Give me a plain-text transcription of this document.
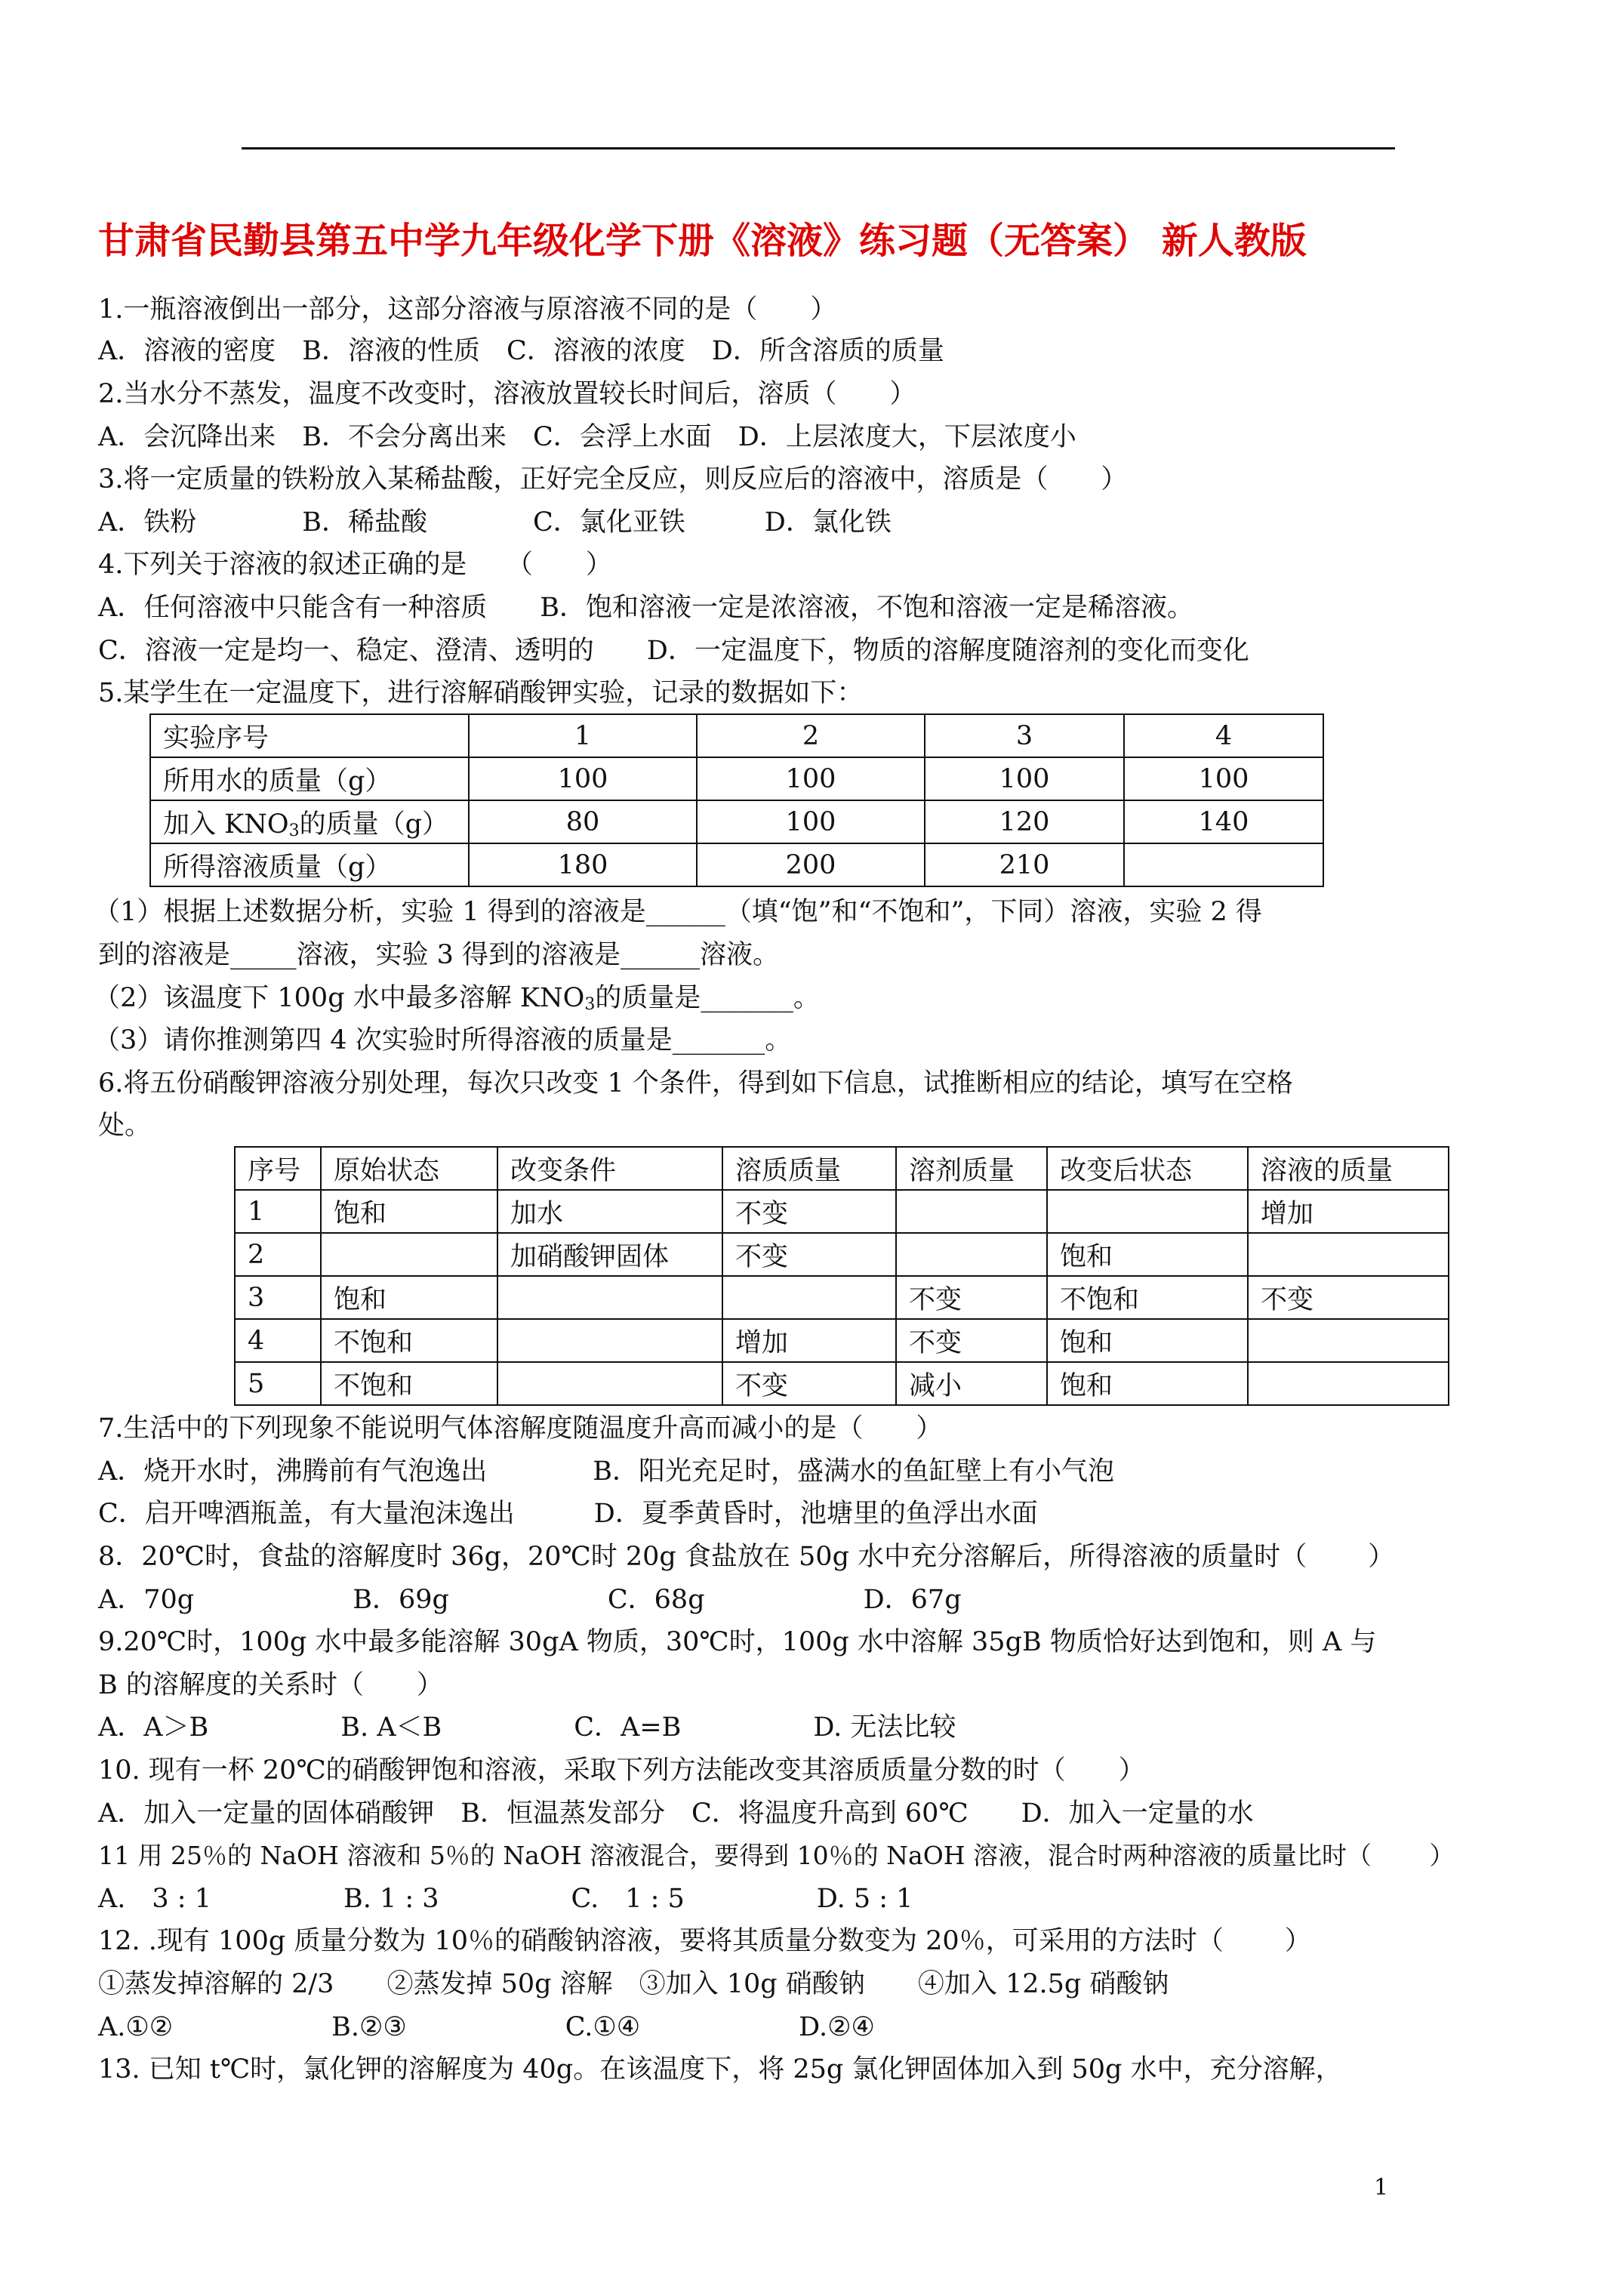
甘肃省民勤县第五中学九年级化学下册《溶液》练习题（无答案） 新人教版
1.一瓶溶液倒出一部分，这部分溶液与原溶液不同的是（　　）
A．溶液的密度　B．溶液的性质　C．溶液的浓度　D．所含溶质的质量
2.当水分不蒸发，温度不改变时，溶液放置较长时间后，溶质（　　）
A．会沉降出来　B．不会分离出来　C．会浮上水面　D．上层浓度大，下层浓度小
3.将一定质量的铁粉放入某稀盐酸，正好完全反应，则反应后的溶液中，溶质是（　　）
A．铁粉　　　　B．稀盐酸　　　　C．氯化亚铁　　　D．氯化铁
4.下列关于溶液的叙述正确的是　　（　　）
A．任何溶液中只能含有一种溶质　　B．饱和溶液一定是浓溶液，不饱和溶液一定是稀溶液。
C．溶液一定是均一、稳定、澄清、透明的　　D．一定温度下，物质的溶解度随溶剂的变化而变化
5.某学生在一定温度下，进行溶解硝酸钾实验，记录的数据如下：
实验序号	1	2	3	4
所用水的质量（g）	100	100	100	100
加入 $KNO_3$的质量（g）	80	100	120	140
所得溶液质量（g）	180	200	210	
（1）根据上述数据分析，实验 1 得到的溶液是______（填“饱”和“不饱和”，下同）溶液，实验 2 得
到的溶液是_____溶液，实验 3 得到的溶液是______溶液。
（2）该温度下 100g 水中最多溶解 $KNO_3$的质量是_______。
（3）请你推测第四 4 次实验时所得溶液的质量是_______。
6.将五份硝酸钾溶液分别处理，每次只改变 1 个条件，得到如下信息，试推断相应的结论，填写在空格
处。
序号	原始状态	改变条件	溶质质量	溶剂质量	改变后状态	溶液的质量
1	饱和	加水	不变			增加
2		加硝酸钾固体	不变		饱和	
3	饱和			不变	不饱和	不变
4	不饱和		增加	不变	饱和	
5	不饱和		不变	减小	饱和	
7.生活中的下列现象不能说明气体溶解度随温度升高而减小的是（　　）
A．烧开水时，沸腾前有气泡逸出　　　　B．阳光充足时，盛满水的鱼缸壁上有小气泡
C．启开啤酒瓶盖，有大量泡沫逸出　　　D．夏季黄昏时，池塘里的鱼浮出水面
8．20℃时，食盐的溶解度时 36g，20℃时 20g 食盐放在 50g 水中充分溶解后，所得溶液的质量时（　　 ）
A．70g　　　　　　B．69g　　　　　　C．68g　　　　　　D．67g
9.20℃时，100g 水中最多能溶解 30gA 物质，30℃时，100g 水中溶解 35gB 物质恰好达到饱和，则 A 与
B 的溶解度的关系时（　　）
A．A＞B　　　　　B. A＜B　　　　　C．A=B　　　　　D. 无法比较
10. 现有一杯 20℃的硝酸钾饱和溶液，采取下列方法能改变其溶质质量分数的时（　　）
A．加入一定量的固体硝酸钾　B．恒温蒸发部分　C．将温度升高到 60℃　　D．加入一定量的水
11 用 25％的 NaOH 溶液和 5％的 NaOH 溶液混合，要得到 10％的 NaOH 溶液，混合时两种溶液的质量比时（　　 ）
A.　3 : 1　　　　　B. 1 : 3　　　　　C.　1 : 5　　　　　D. 5 : 1
12. .现有 100g 质量分数为 10％的硝酸钠溶液，要将其质量分数变为 20％，可采用的方法时（　　 ）
①蒸发掉溶解的 2/3　　②蒸发掉 50g 溶解　③加入 10g 硝酸钠　　④加入 12.5g 硝酸钠
A.①②　　　　　　B.②③　　　　　　C.①④　　　　　　D.②④
13. 已知 t℃时，氯化钾的溶解度为 40g。在该温度下，将 25g 氯化钾固体加入到 50g 水中，充分溶解，
1
